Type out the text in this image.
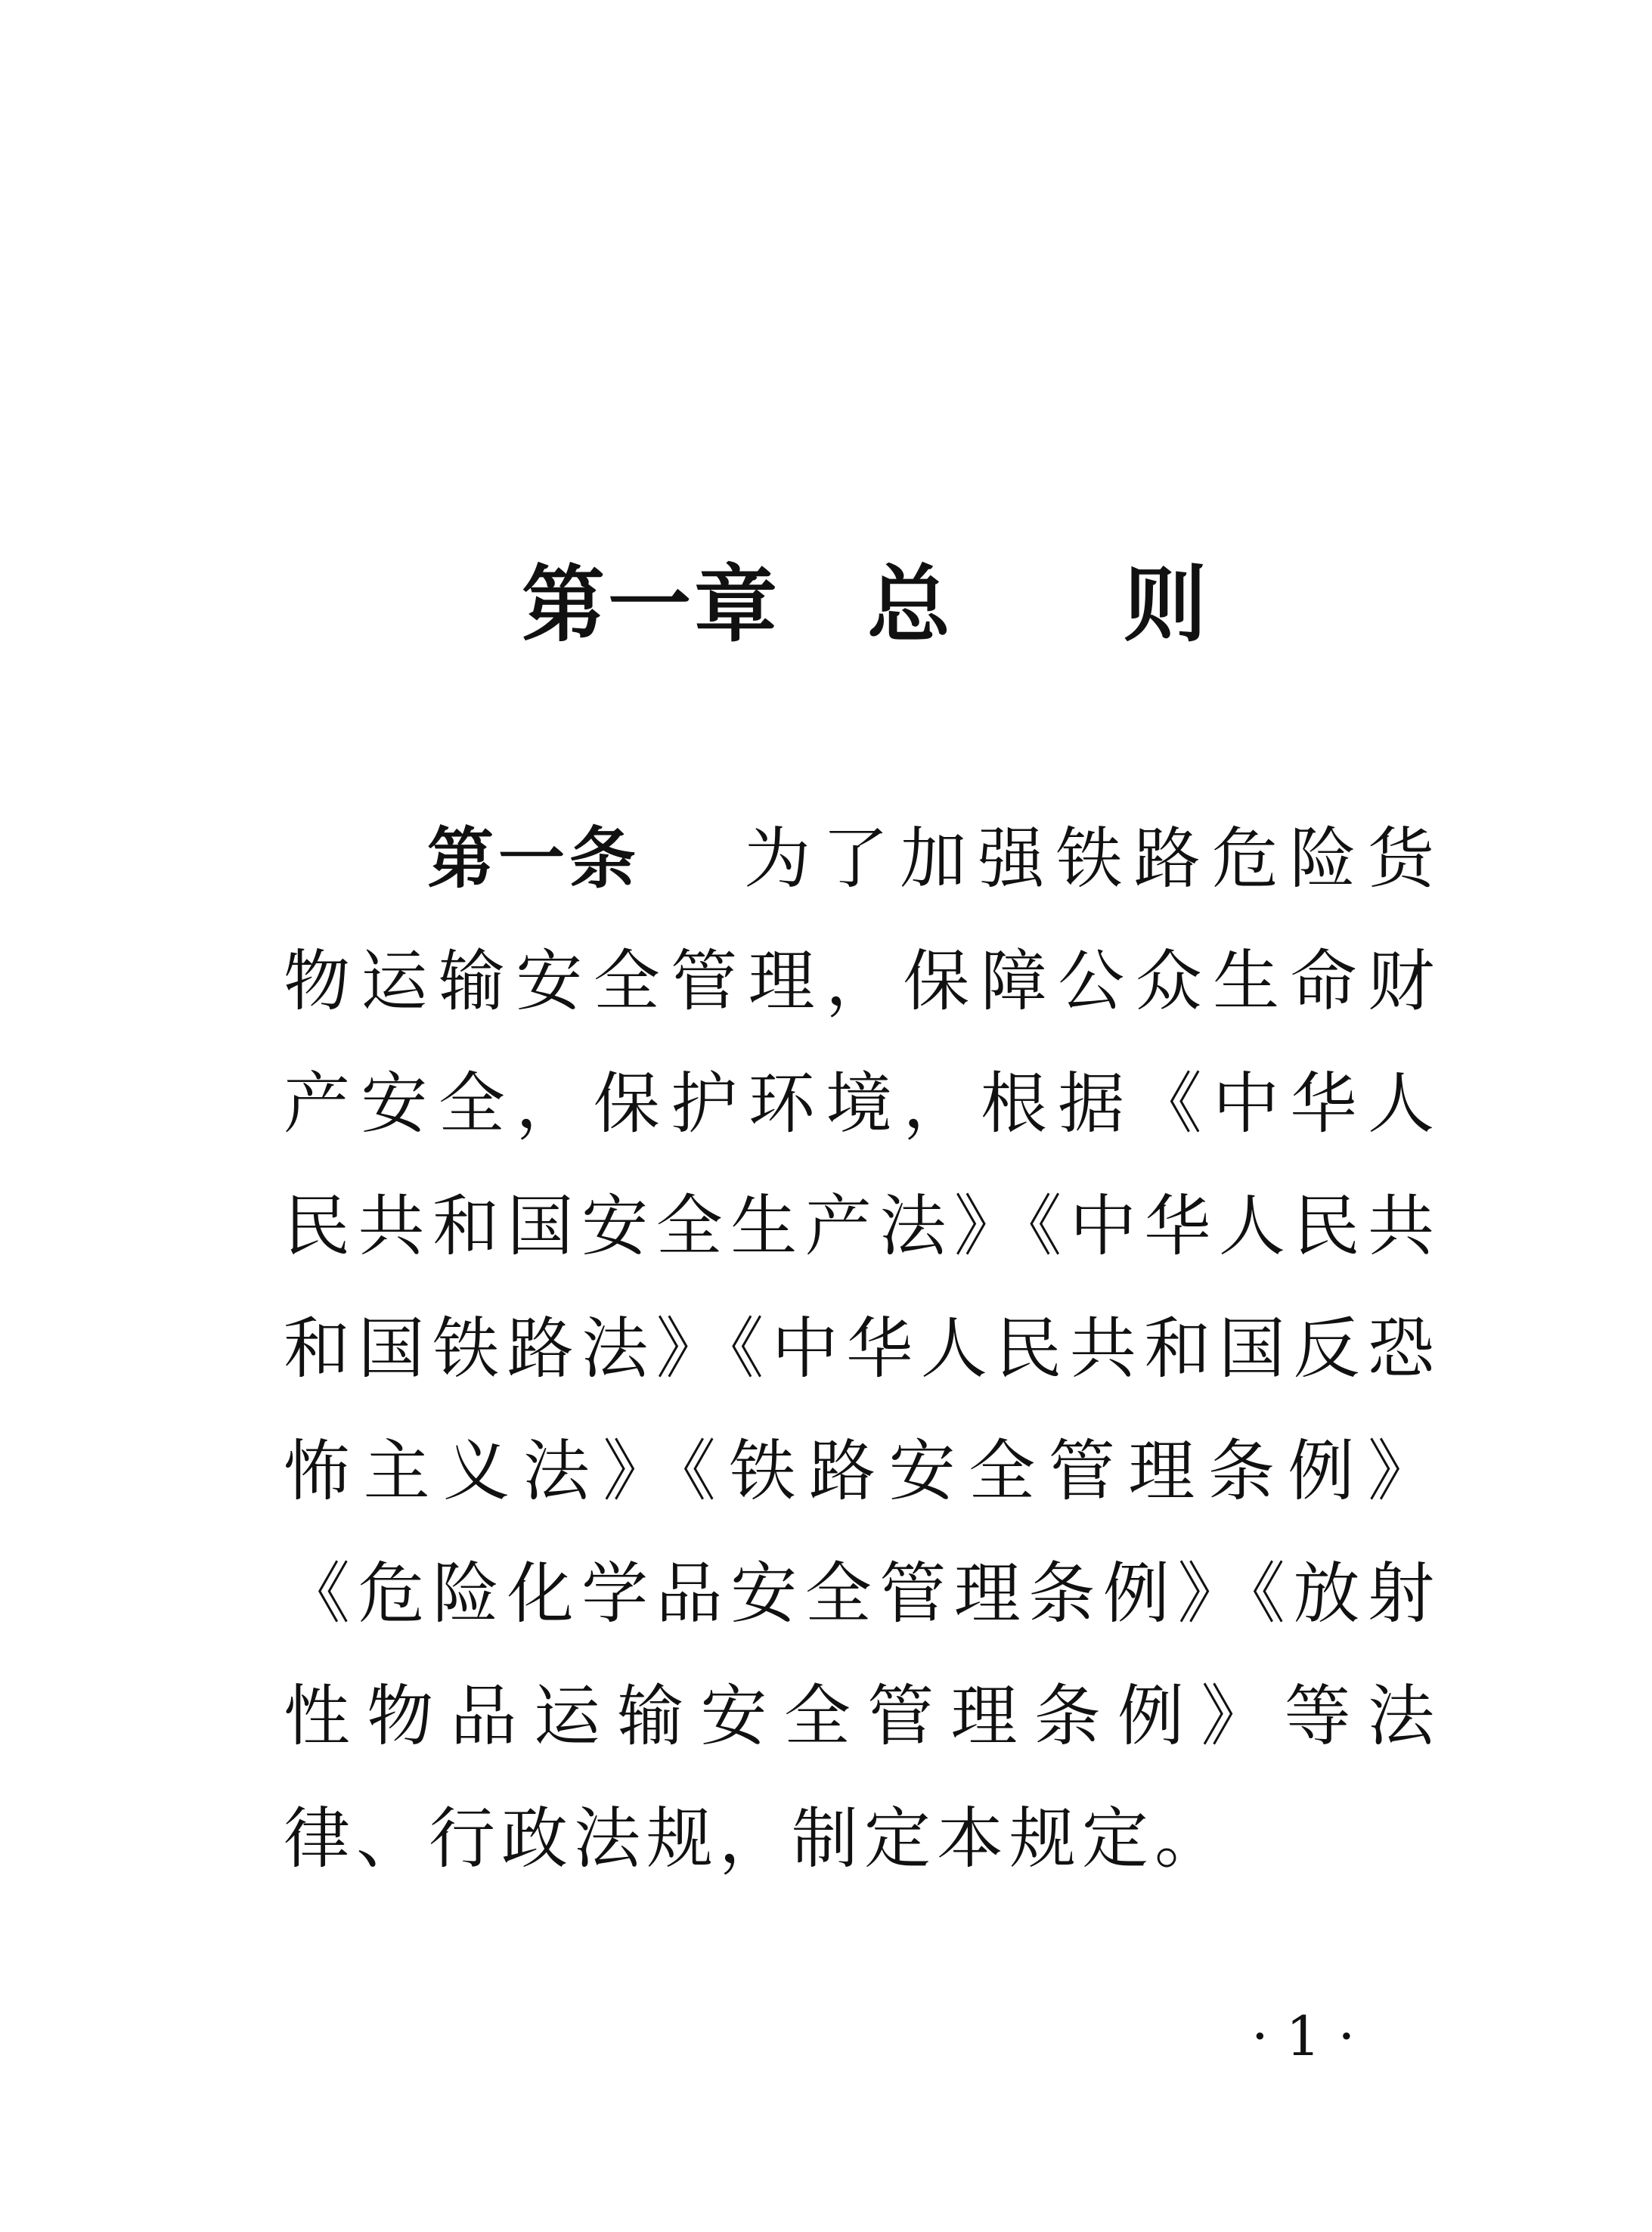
第一章 总 则

第一条 为了加强铁路危险货物运输安全管理，保障公众生命财产安全，保护环境，根据《中华人民共和国安全生产法》《中华人民共和国铁路法》《中华人民共和国反恐怖主义法》《铁路安全管理条例》《危险化学品安全管理条例》《放射性物品运输安全管理条例》等法律、行政法规，制定本规定。

· 1 ·
